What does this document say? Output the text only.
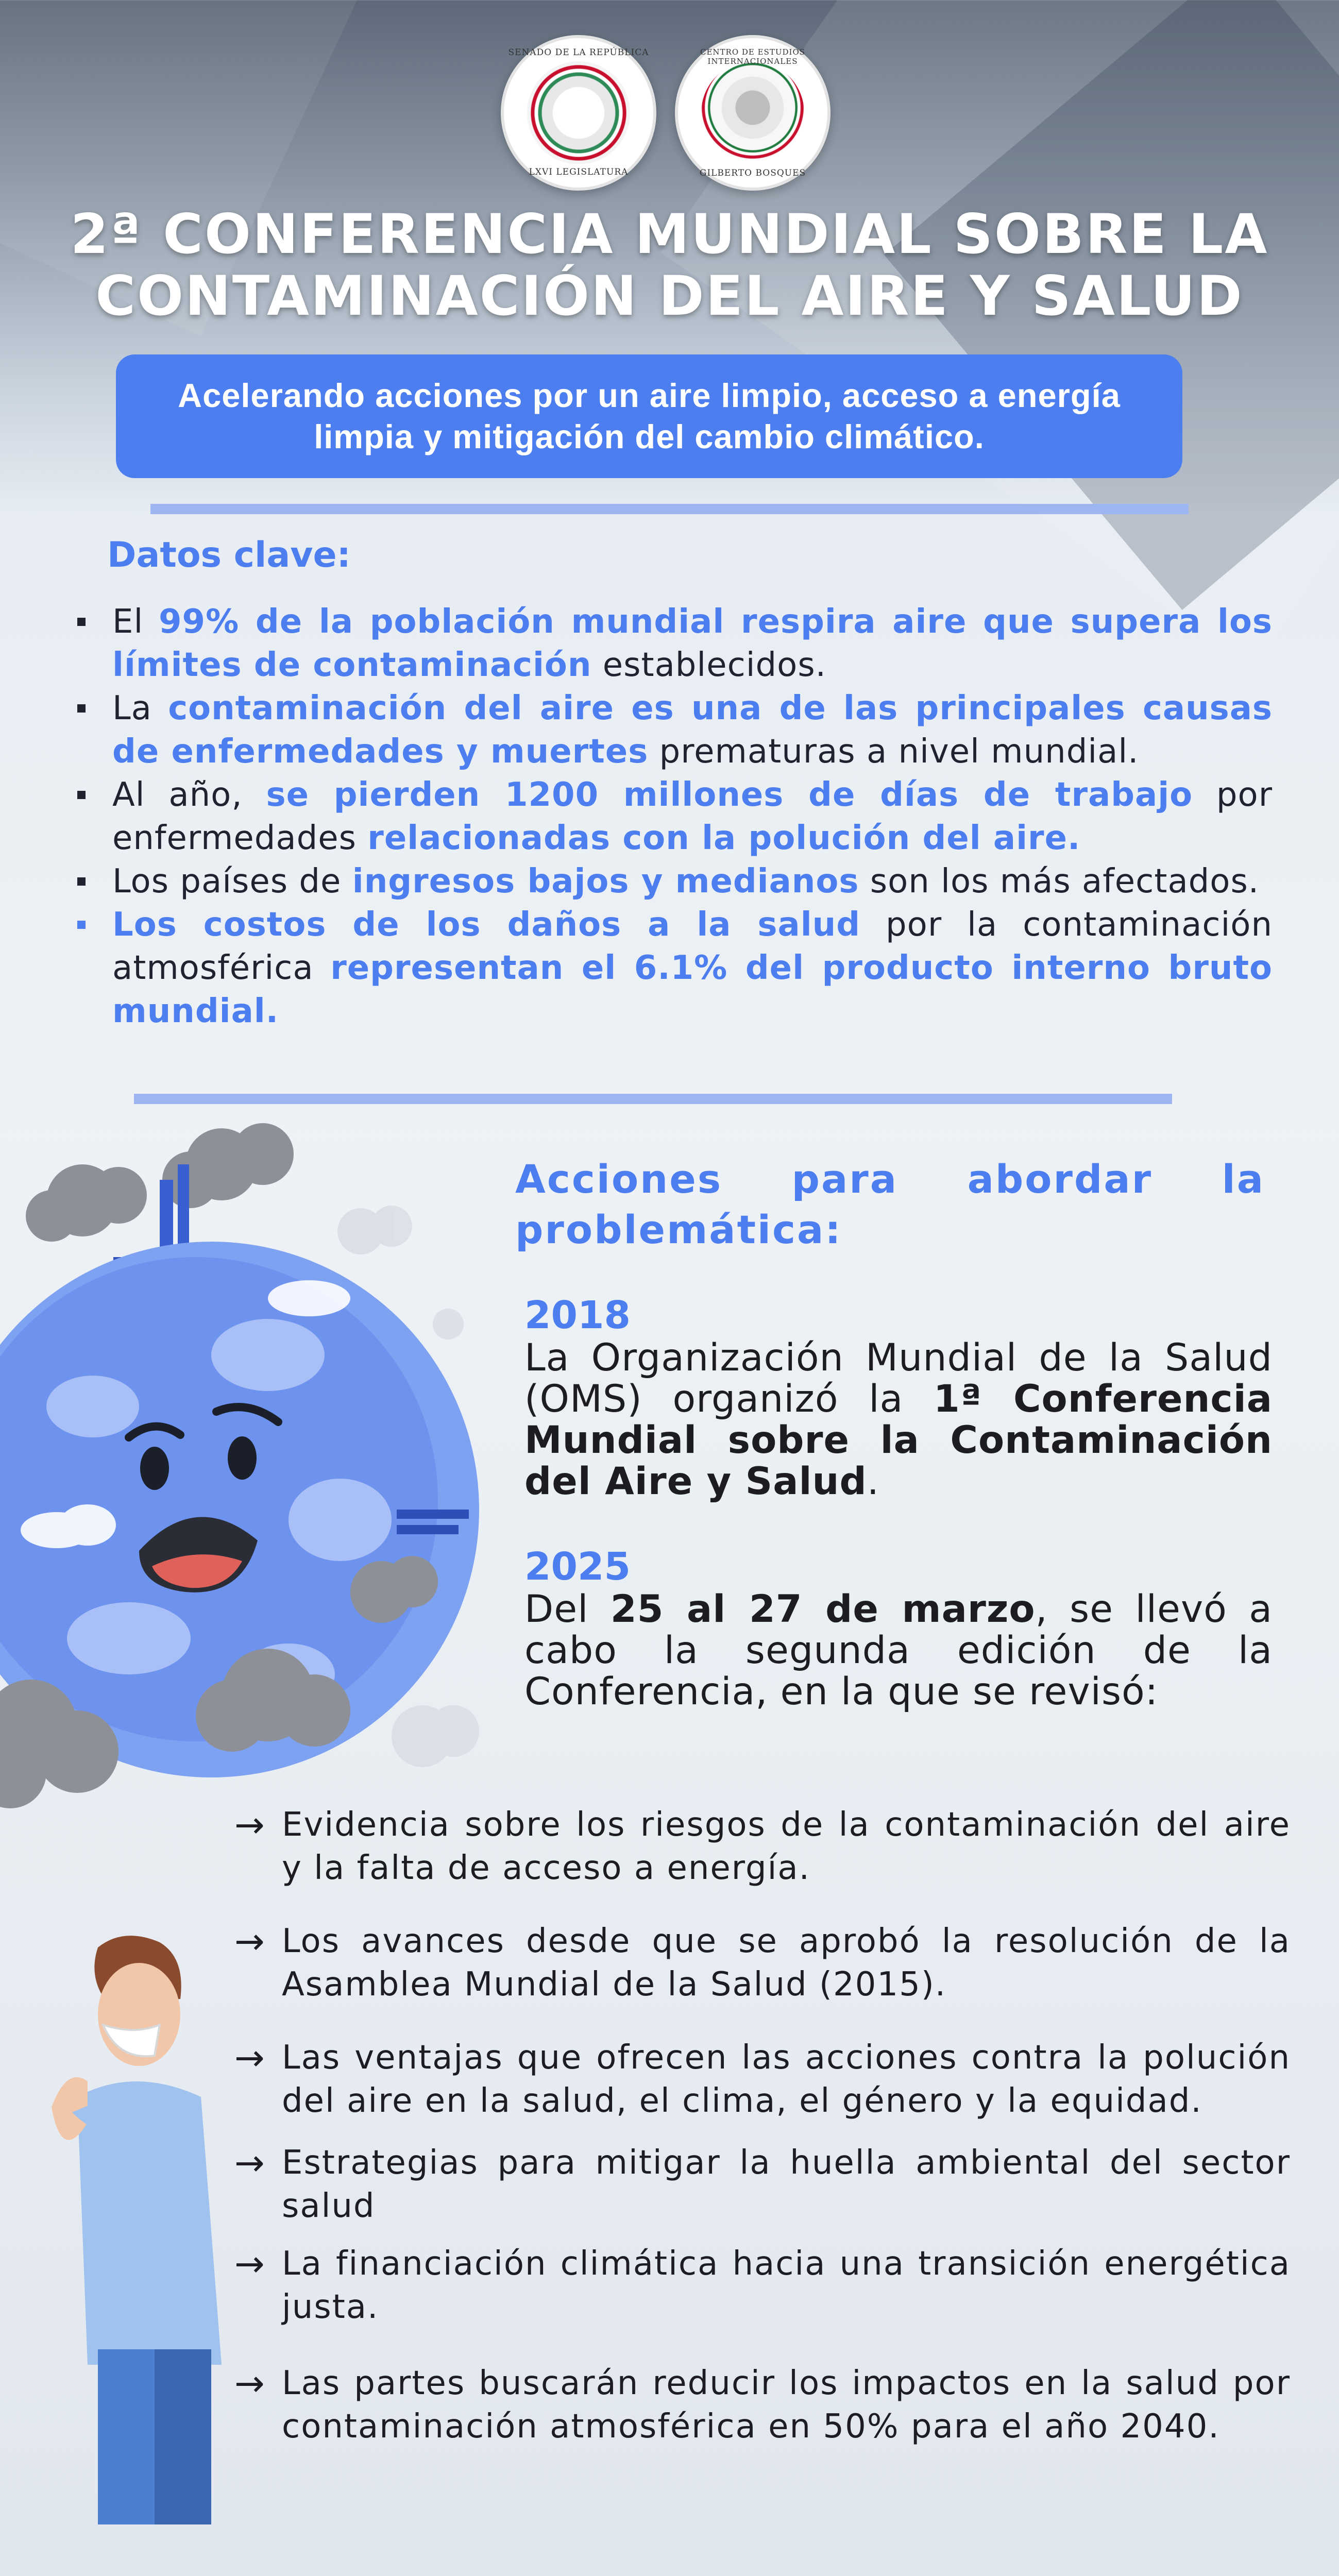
SENADO DE LA REPÚBLICA
LXVI LEGISLATURA
CENTRO DE ESTUDIOS INTERNACIONALES
GILBERTO BOSQUES
2ª CONFERENCIA MUNDIAL SOBRE LA
CONTAMINACIÓN DEL AIRE Y SALUD
Acelerando acciones por un aire limpio, acceso a energía limpia y mitigación del cambio climático.
Datos clave:
El 99% de la población mundial respira aire que supera los límites de contaminación establecidos.
La contaminación del aire es una de las principales causas de enfermedades y muertes prematuras a nivel mundial.
Al año, se pierden 1200 millones de días de trabajo por enfermedades relacionadas con la polución del aire.
Los países de ingresos bajos y medianos son los más afectados.
Los costos de los daños a la salud por la contaminación atmosférica representan el 6.1% del producto interno bruto mundial.
Acciones para abordar la
problemática:
2018
La Organización Mundial de la Salud (OMS) organizó la 1ª Conferencia Mundial sobre la Contaminación del Aire y Salud.
2025
Del 25 al 27 de marzo, se llevó a cabo la segunda edición de la Conferencia, en la que se revisó:
→ Evidencia sobre los riesgos de la contaminación del aire y la falta de acceso a energía.
→ Los avances desde que se aprobó la resolución de la Asamblea Mundial de la Salud (2015).
→ Las ventajas que ofrecen las acciones contra la polución del aire en la salud, el clima, el género y la equidad.
→ Estrategias para mitigar la huella ambiental del sector salud
→ La financiación climática hacia una transición energética justa.
→ Las partes buscarán reducir los impactos en la salud por contaminación atmosférica en 50% para el año 2040.
